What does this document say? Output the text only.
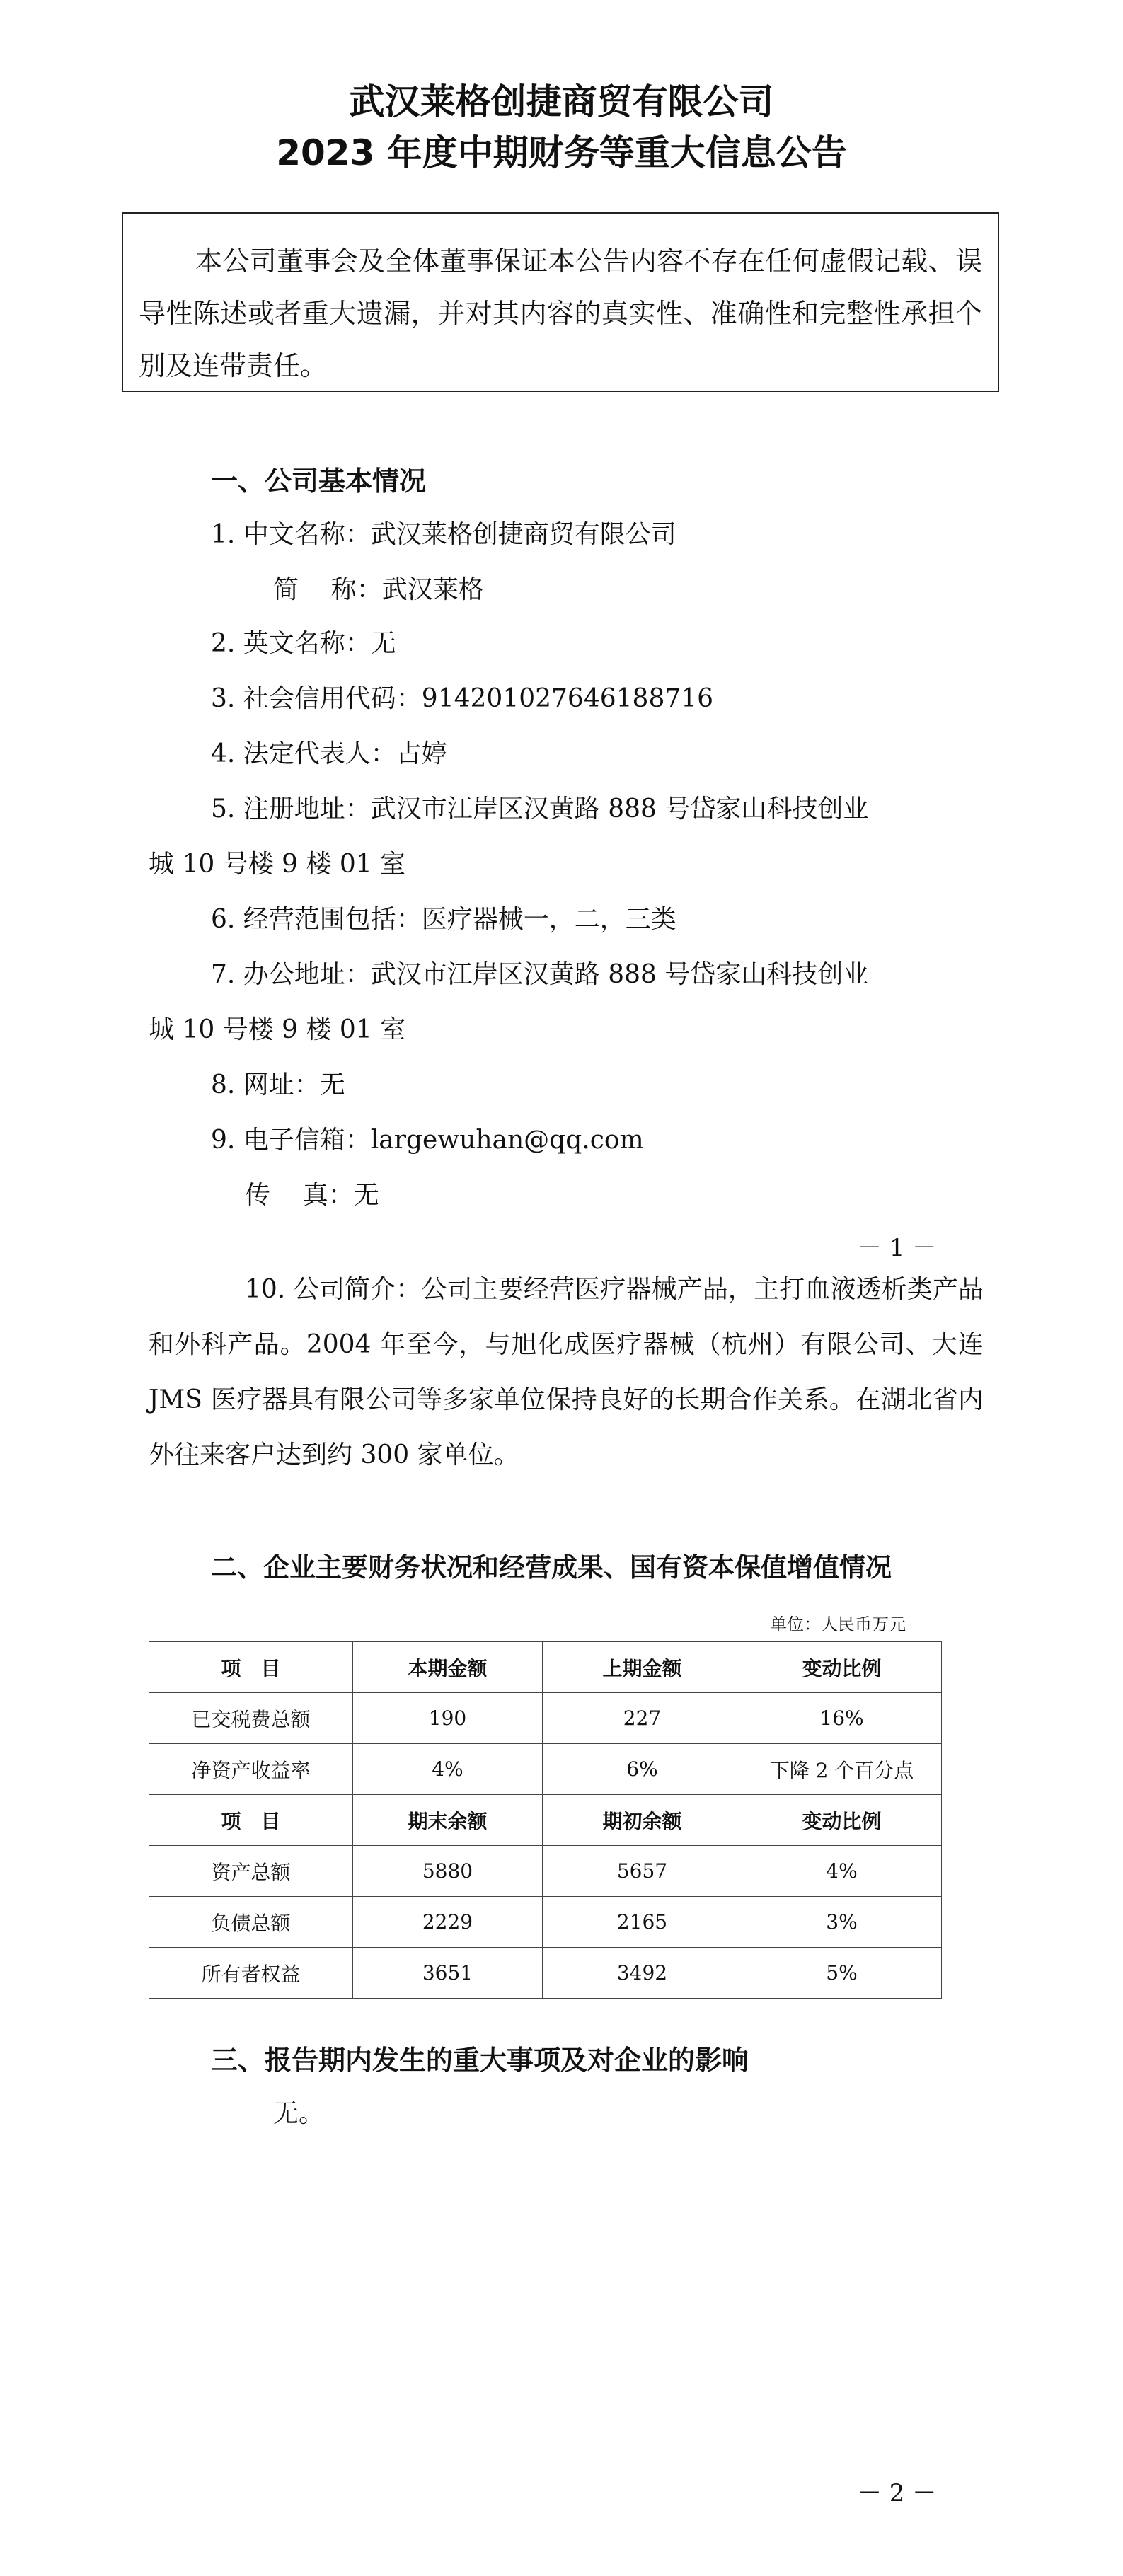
武汉莱格创捷商贸有限公司
2023 年度中期财务等重大信息公告

本公司董事会及全体董事保证本公告内容不存在任何虚假记载、误导性陈述或者重大遗漏，并对其内容的真实性、准确性和完整性承担个别及连带责任。

一、公司基本情况
1. 中文名称：武汉莱格创捷商贸有限公司
简    称：武汉莱格
2. 英文名称：无
3. 社会信用代码：914201027646188716
4. 法定代表人：占婷
5. 注册地址：武汉市江岸区汉黄路 888 号岱家山科技创业
城 10 号楼 9 楼 01 室
6. 经营范围包括：医疗器械一，二，三类
7. 办公地址：武汉市江岸区汉黄路 888 号岱家山科技创业
城 10 号楼 9 楼 01 室
8. 网址：无
9. 电子信箱：largewuhan@qq.com
传    真：无
－ 1 －
10. 公司简介：公司主要经营医疗器械产品，主打血液透析类产品和外科产品。2004 年至今，与旭化成医疗器械（杭州）有限公司、大连 JMS 医疗器具有限公司等多家单位保持良好的长期合作关系。在湖北省内外往来客户达到约 300 家单位。
二、企业主要财务状况和经营成果、国有资本保值增值情况
单位：人民币万元
项　目	本期金额	上期金额	变动比例
已交税费总额	190	227	16%
净资产收益率	4%	6%	下降 2 个百分点
项　目	期末余额	期初余额	变动比例
资产总额	5880	5657	4%
负债总额	2229	2165	3%
所有者权益	3651	3492	5%
三、报告期内发生的重大事项及对企业的影响
无。
－ 2 －
